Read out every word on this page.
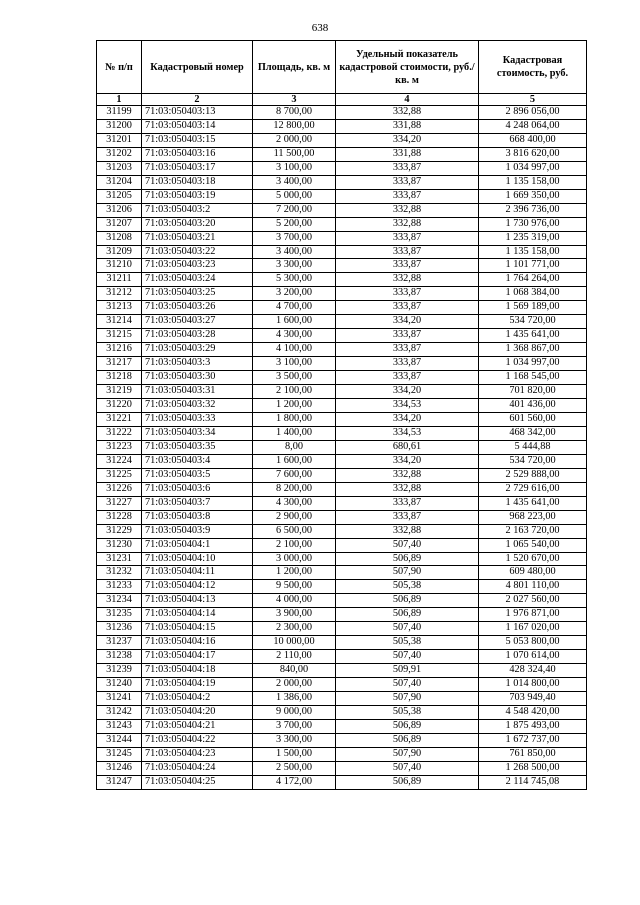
638
№ п/п	Кадастровый номер	Площадь, кв. м	Удельный показатель кадастровой стоимости, руб./кв. м	Кадастровая стоимость, руб.
1	2	3	4	5
31199	71:03:050403:13	8 700,00	332,88	2 896 056,00
31200	71:03:050403:14	12 800,00	331,88	4 248 064,00
31201	71:03:050403:15	2 000,00	334,20	668 400,00
31202	71:03:050403:16	11 500,00	331,88	3 816 620,00
31203	71:03:050403:17	3 100,00	333,87	1 034 997,00
31204	71:03:050403:18	3 400,00	333,87	1 135 158,00
31205	71:03:050403:19	5 000,00	333,87	1 669 350,00
31206	71:03:050403:2	7 200,00	332,88	2 396 736,00
31207	71:03:050403:20	5 200,00	332,88	1 730 976,00
31208	71:03:050403:21	3 700,00	333,87	1 235 319,00
31209	71:03:050403:22	3 400,00	333,87	1 135 158,00
31210	71:03:050403:23	3 300,00	333,87	1 101 771,00
31211	71:03:050403:24	5 300,00	332,88	1 764 264,00
31212	71:03:050403:25	3 200,00	333,87	1 068 384,00
31213	71:03:050403:26	4 700,00	333,87	1 569 189,00
31214	71:03:050403:27	1 600,00	334,20	534 720,00
31215	71:03:050403:28	4 300,00	333,87	1 435 641,00
31216	71:03:050403:29	4 100,00	333,87	1 368 867,00
31217	71:03:050403:3	3 100,00	333,87	1 034 997,00
31218	71:03:050403:30	3 500,00	333,87	1 168 545,00
31219	71:03:050403:31	2 100,00	334,20	701 820,00
31220	71:03:050403:32	1 200,00	334,53	401 436,00
31221	71:03:050403:33	1 800,00	334,20	601 560,00
31222	71:03:050403:34	1 400,00	334,53	468 342,00
31223	71:03:050403:35	8,00	680,61	5 444,88
31224	71:03:050403:4	1 600,00	334,20	534 720,00
31225	71:03:050403:5	7 600,00	332,88	2 529 888,00
31226	71:03:050403:6	8 200,00	332,88	2 729 616,00
31227	71:03:050403:7	4 300,00	333,87	1 435 641,00
31228	71:03:050403:8	2 900,00	333,87	968 223,00
31229	71:03:050403:9	6 500,00	332,88	2 163 720,00
31230	71:03:050404:1	2 100,00	507,40	1 065 540,00
31231	71:03:050404:10	3 000,00	506,89	1 520 670,00
31232	71:03:050404:11	1 200,00	507,90	609 480,00
31233	71:03:050404:12	9 500,00	505,38	4 801 110,00
31234	71:03:050404:13	4 000,00	506,89	2 027 560,00
31235	71:03:050404:14	3 900,00	506,89	1 976 871,00
31236	71:03:050404:15	2 300,00	507,40	1 167 020,00
31237	71:03:050404:16	10 000,00	505,38	5 053 800,00
31238	71:03:050404:17	2 110,00	507,40	1 070 614,00
31239	71:03:050404:18	840,00	509,91	428 324,40
31240	71:03:050404:19	2 000,00	507,40	1 014 800,00
31241	71:03:050404:2	1 386,00	507,90	703 949,40
31242	71:03:050404:20	9 000,00	505,38	4 548 420,00
31243	71:03:050404:21	3 700,00	506,89	1 875 493,00
31244	71:03:050404:22	3 300,00	506,89	1 672 737,00
31245	71:03:050404:23	1 500,00	507,90	761 850,00
31246	71:03:050404:24	2 500,00	507,40	1 268 500,00
31247	71:03:050404:25	4 172,00	506,89	2 114 745,08
